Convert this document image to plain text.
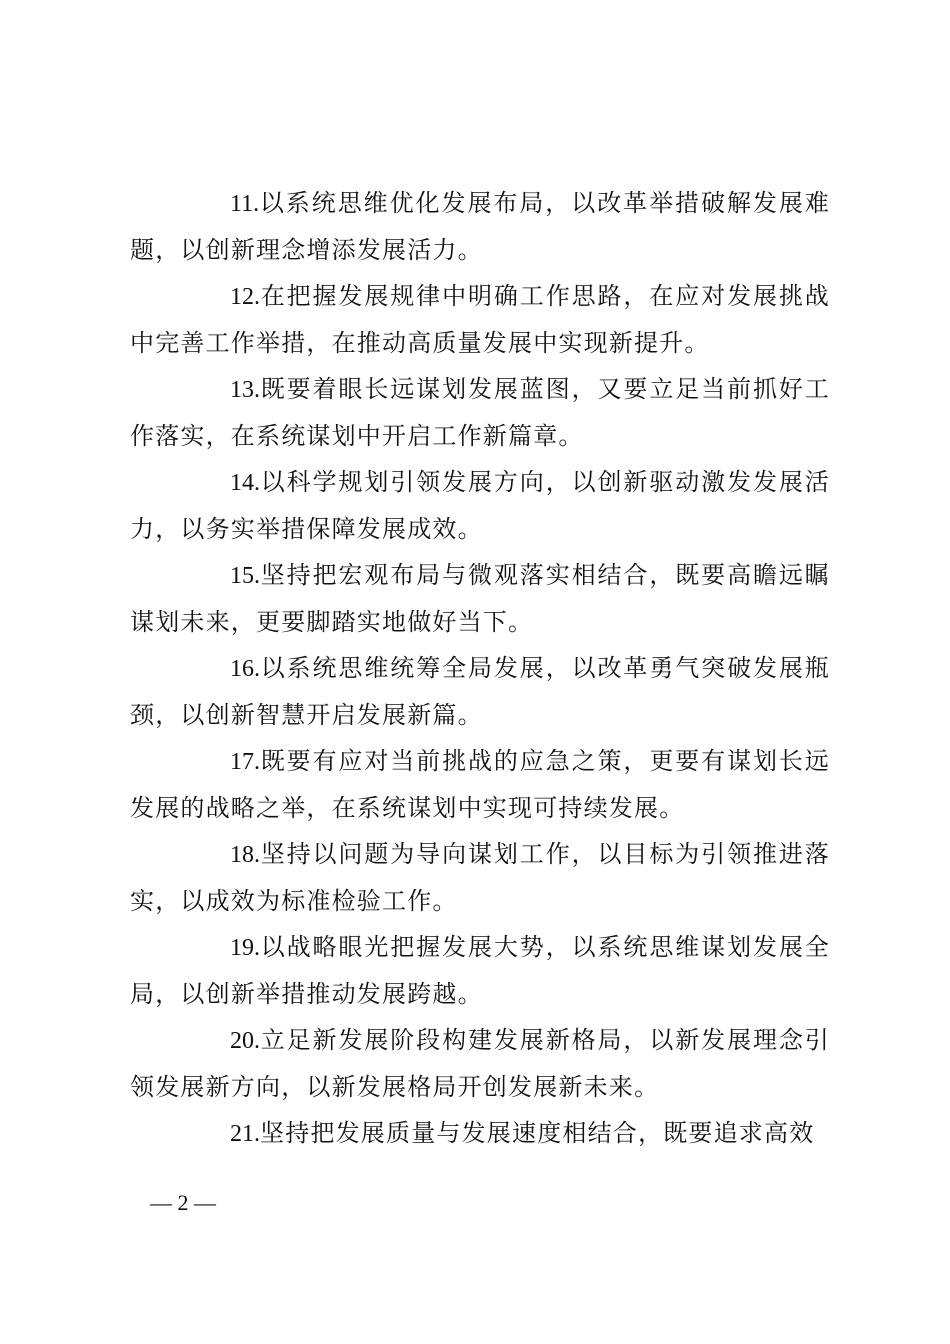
11.以系统思维优化发展布局，以改革举措破解发展难题，以创新理念增添发展活力。

12.在把握发展规律中明确工作思路，在应对发展挑战中完善工作举措，在推动高质量发展中实现新提升。

13.既要着眼长远谋划发展蓝图，又要立足当前抓好工作落实，在系统谋划中开启工作新篇章。

14.以科学规划引领发展方向，以创新驱动激发发展活力，以务实举措保障发展成效。

15.坚持把宏观布局与微观落实相结合，既要高瞻远瞩谋划未来，更要脚踏实地做好当下。

16.以系统思维统筹全局发展，以改革勇气突破发展瓶颈，以创新智慧开启发展新篇。

17.既要有应对当前挑战的应急之策，更要有谋划长远发展的战略之举，在系统谋划中实现可持续发展。

18.坚持以问题为导向谋划工作，以目标为引领推进落实，以成效为标准检验工作。

19.以战略眼光把握发展大势，以系统思维谋划发展全局，以创新举措推动发展跨越。

20.立足新发展阶段构建发展新格局，以新发展理念引领发展新方向，以新发展格局开创发展新未来。

21.坚持把发展质量与发展速度相结合，既要追求高效

— 2 —
